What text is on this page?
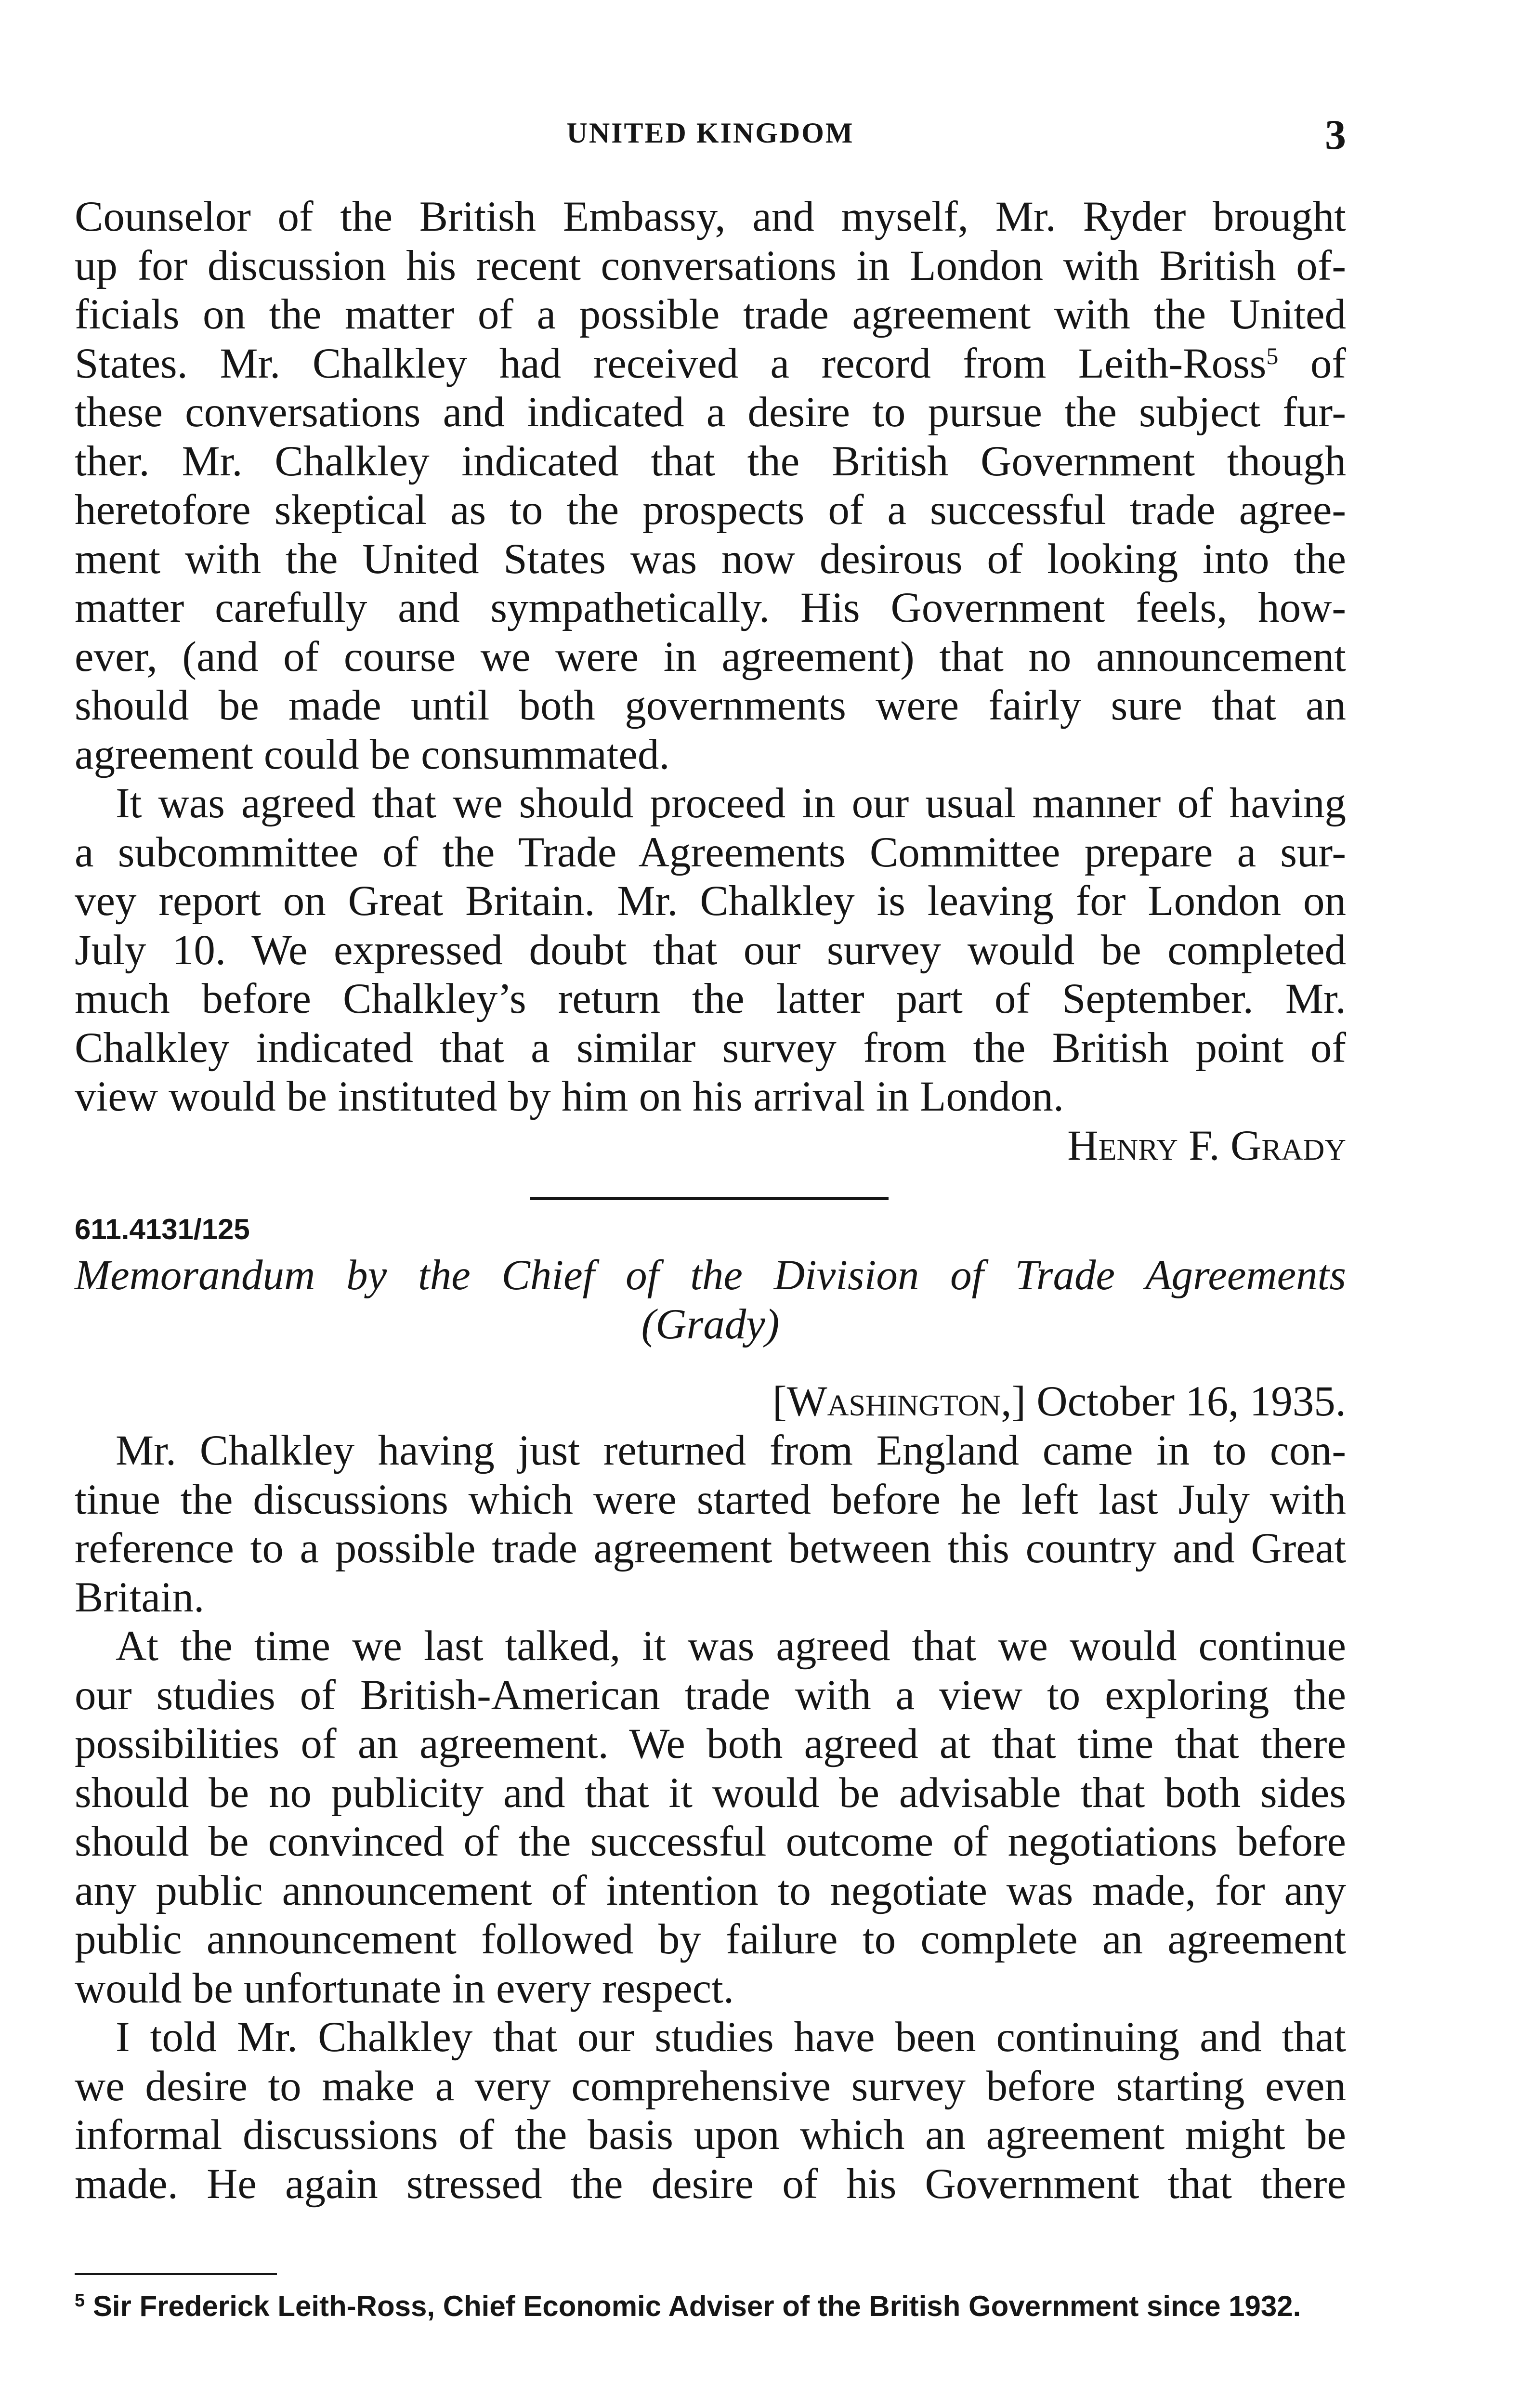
UNITED KINGDOM	3
Counselor of the British Embassy, and myself, Mr. Ryder brought
up for discussion his recent conversations in London with British of-
ficials on the matter of a possible trade agreement with the United
States. Mr. Chalkley had received a record from Leith-Ross$^5$ of
these conversations and indicated a desire to pursue the subject fur-
ther. Mr. Chalkley indicated that the British Government though
heretofore skeptical as to the prospects of a successful trade agree-
ment with the United States was now desirous of looking into the
matter carefully and sympathetically. His Government feels, how-
ever, (and of course we were in agreement) that no announcement
should be made until both governments were fairly sure that an
agreement could be consummated.
It was agreed that we should proceed in our usual manner of having
a subcommittee of the Trade Agreements Committee prepare a sur-
vey report on Great Britain. Mr. Chalkley is leaving for London on
July 10. We expressed doubt that our survey would be completed
much before Chalkley’s return the latter part of September. Mr.
Chalkley indicated that a similar survey from the British point of
view would be instituted by him on his arrival in London.
Henry F. Grady
611.4131/125
Memorandum by the Chief of the Division of Trade Agreements
(Grady)
[Washington,] October 16, 1935.
Mr. Chalkley having just returned from England came in to con-
tinue the discussions which were started before he left last July with
reference to a possible trade agreement between this country and Great
Britain.
At the time we last talked, it was agreed that we would continue
our studies of British-American trade with a view to exploring the
possibilities of an agreement. We both agreed at that time that there
should be no publicity and that it would be advisable that both sides
should be convinced of the successful outcome of negotiations before
any public announcement of intention to negotiate was made, for any
public announcement followed by failure to complete an agreement
would be unfortunate in every respect.
I told Mr. Chalkley that our studies have been continuing and that
we desire to make a very comprehensive survey before starting even
informal discussions of the basis upon which an agreement might be
made. He again stressed the desire of his Government that there
$^5$ Sir Frederick Leith-Ross, Chief Economic Adviser of the British Government since 1932.
